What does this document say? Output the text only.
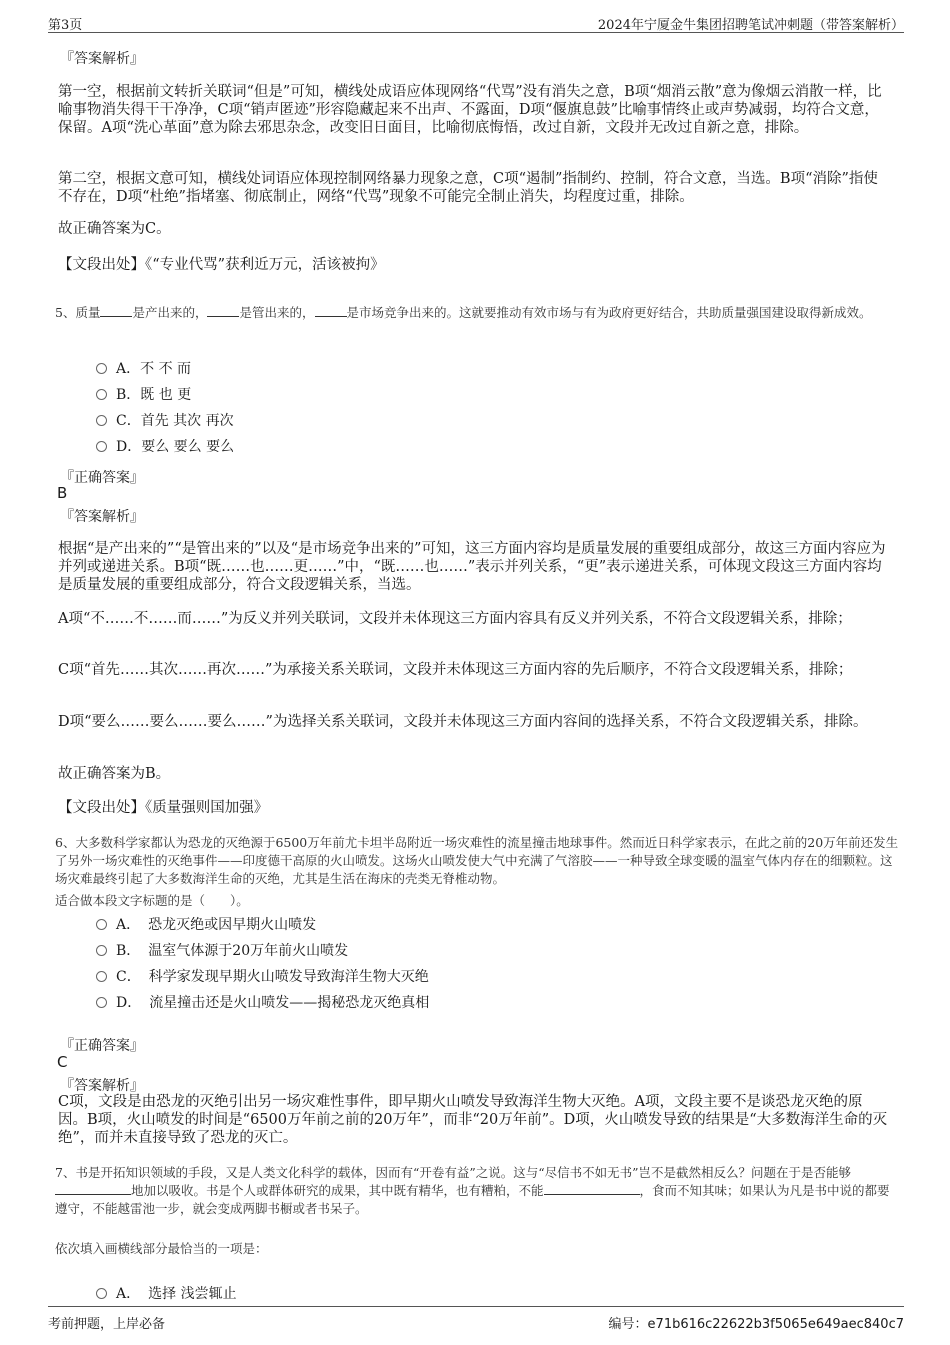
第3页	2024年宁厦金牛集团招聘笔试冲刺题（带答案解析）
『答案解析』
第一空，根据前文转折关联词“但是”可知，横线处成语应体现网络“代骂”没有消失之意，B项“烟消云散”意为像烟云消散一样，比喻事物消失得干干净净，C项“销声匿迹”形容隐藏起来不出声、不露面，D项“偃旗息鼓”比喻事情终止或声势减弱，均符合文意，保留。A项“洗心革面”意为除去邪思杂念，改变旧日面目，比喻彻底悔悟，改过自新，文段并无改过自新之意，排除。
第二空，根据文意可知，横线处词语应体现控制网络暴力现象之意，C项“遏制”指制约、控制，符合文意，当选。B项“消除”指使不存在，D项“杜绝”指堵塞、彻底制止，网络“代骂”现象不可能完全制止消失，均程度过重，排除。
故正确答案为C。
【文段出处】《“专业代骂”获利近万元，活该被拘》
5、质量	是产出来的，	是管出来的，	是市场竞争出来的。这就要推动有效市场与有为政府更好结合，共助质量强国建设取得新成效。
A．不 不 而
B．既 也 更
C．首先 其次 再次
D．要么 要么 要么
『正确答案』
B
『答案解析』
根据“是产出来的”“是管出来的”以及“是市场竞争出来的”可知，这三方面内容均是质量发展的重要组成部分，故这三方面内容应为并列或递进关系。B项“既……也……更……”中，“既……也……”表示并列关系，“更”表示递进关系，可体现文段这三方面内容均是质量发展的重要组成部分，符合文段逻辑关系，当选。
A项“不……不……而……”为反义并列关联词，文段并未体现这三方面内容具有反义并列关系，不符合文段逻辑关系，排除；
C项“首先……其次……再次……”为承接关系关联词，文段并未体现这三方面内容的先后顺序，不符合文段逻辑关系，排除；
D项“要么……要么……要么……”为选择关系关联词，文段并未体现这三方面内容间的选择关系，不符合文段逻辑关系，排除。
故正确答案为B。
【文段出处】《质量强则国加强》
6、大多数科学家都认为恐龙的灭绝源于6500万年前尤卡坦半岛附近一场灾难性的流星撞击地球事件。然而近日科学家表示，在此之前的20万年前还发生了另外一场灾难性的灭绝事件——印度德干高原的火山喷发。这场火山喷发使大气中充满了气溶胶——一种导致全球变暖的温室气体内存在的细颗粒。这场灾难最终引起了大多数海洋生命的灭绝，尤其是生活在海床的壳类无脊椎动物。
适合做本段文字标题的是（　　）。
A． 恐龙灭绝或因早期火山喷发
B． 温室气体源于20万年前火山喷发
C． 科学家发现早期火山喷发导致海洋生物大灭绝
D． 流星撞击还是火山喷发——揭秘恐龙灭绝真相
『正确答案』
C
『答案解析』
C项，文段是由恐龙的灭绝引出另一场灾难性事件，即早期火山喷发导致海洋生物大灭绝。A项，文段主要不是谈恐龙灭绝的原因。B项，火山喷发的时间是“6500万年前之前的20万年”，而非“20万年前”。D项，火山喷发导致的结果是“大多数海洋生命的灭绝”，而并未直接导致了恐龙的灭亡。
7、书是开拓知识领域的手段，又是人类文化科学的载体，因而有“开卷有益”之说。这与“尽信书不如无书”岂不是截然相反么？问题在于是否能够地加以吸收。书是个人或群体研究的成果，其中既有精华，也有糟粕，不能	，食而不知其味；如果认为凡是书中说的都要遵守，不能越雷池一步，就会变成两脚书橱或者书呆子。
依次填入画横线部分最恰当的一项是：
A． 选择 浅尝辄止
考前押题，上岸必备	编号：e71b616c22622b3f5065e649aec840c7
